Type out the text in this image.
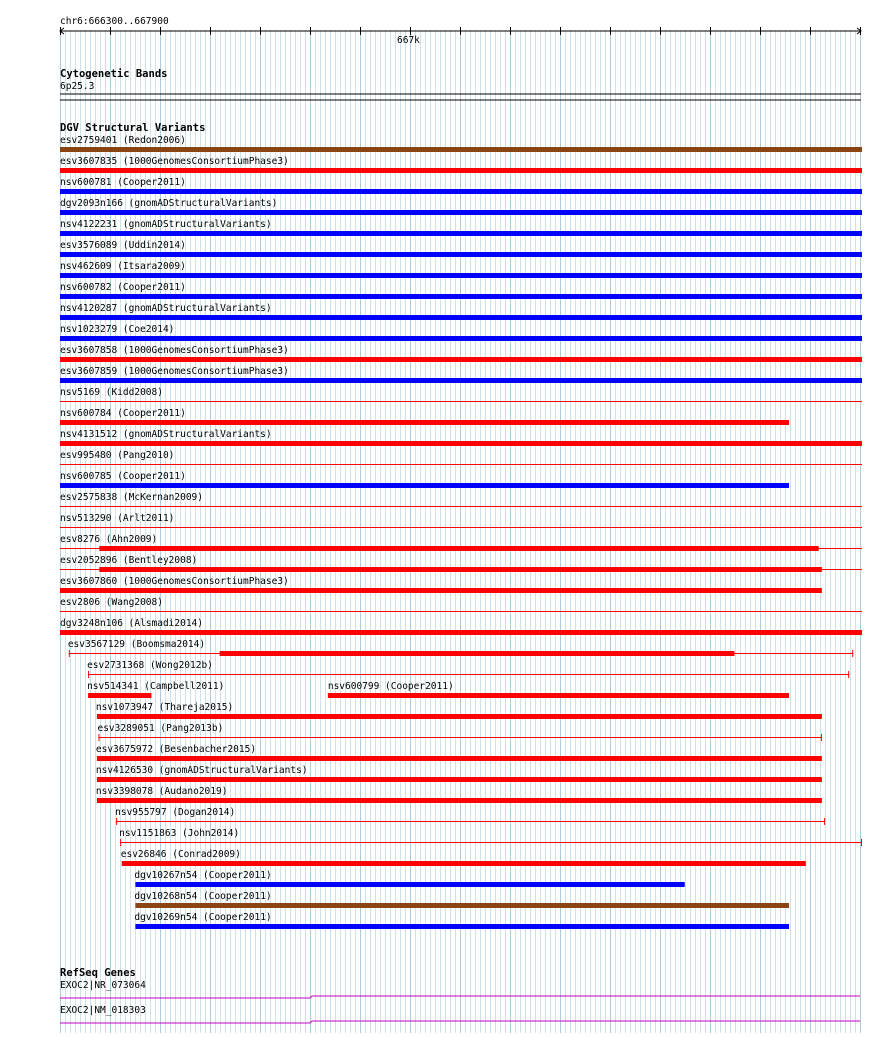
chr6:666300..667900
667k
Cytogenetic Bands
6p25.3
DGV Structural Variants
esv2759401 (Redon2006)
esv3607835 (1000GenomesConsortiumPhase3)
nsv600781 (Cooper2011)
dgv2093n166 (gnomADStructuralVariants)
nsv4122231 (gnomADStructuralVariants)
esv3576089 (Uddin2014)
nsv462609 (Itsara2009)
nsv600782 (Cooper2011)
nsv4120287 (gnomADStructuralVariants)
nsv1023279 (Coe2014)
esv3607858 (1000GenomesConsortiumPhase3)
esv3607859 (1000GenomesConsortiumPhase3)
nsv5169 (Kidd2008)
nsv600784 (Cooper2011)
nsv4131512 (gnomADStructuralVariants)
esv995480 (Pang2010)
nsv600785 (Cooper2011)
esv2575838 (McKernan2009)
nsv513290 (Arlt2011)
esv8276 (Ahn2009)
esv2052896 (Bentley2008)
esv3607860 (1000GenomesConsortiumPhase3)
esv2806 (Wang2008)
dgv3248n106 (Alsmadi2014)
esv3567129 (Boomsma2014)
esv2731368 (Wong2012b)
nsv514341 (Campbell2011)	nsv600799 (Cooper2011)
nsv1073947 (Thareja2015)
esv3289051 (Pang2013b)
esv3675972 (Besenbacher2015)
nsv4126530 (gnomADStructuralVariants)
nsv3398078 (Audano2019)
nsv955797 (Dogan2014)
nsv1151863 (John2014)
esv26846 (Conrad2009)
dgv10267n54 (Cooper2011)
dgv10268n54 (Cooper2011)
dgv10269n54 (Cooper2011)
RefSeq Genes
EXOC2|NR_073064
EXOC2|NM_018303
